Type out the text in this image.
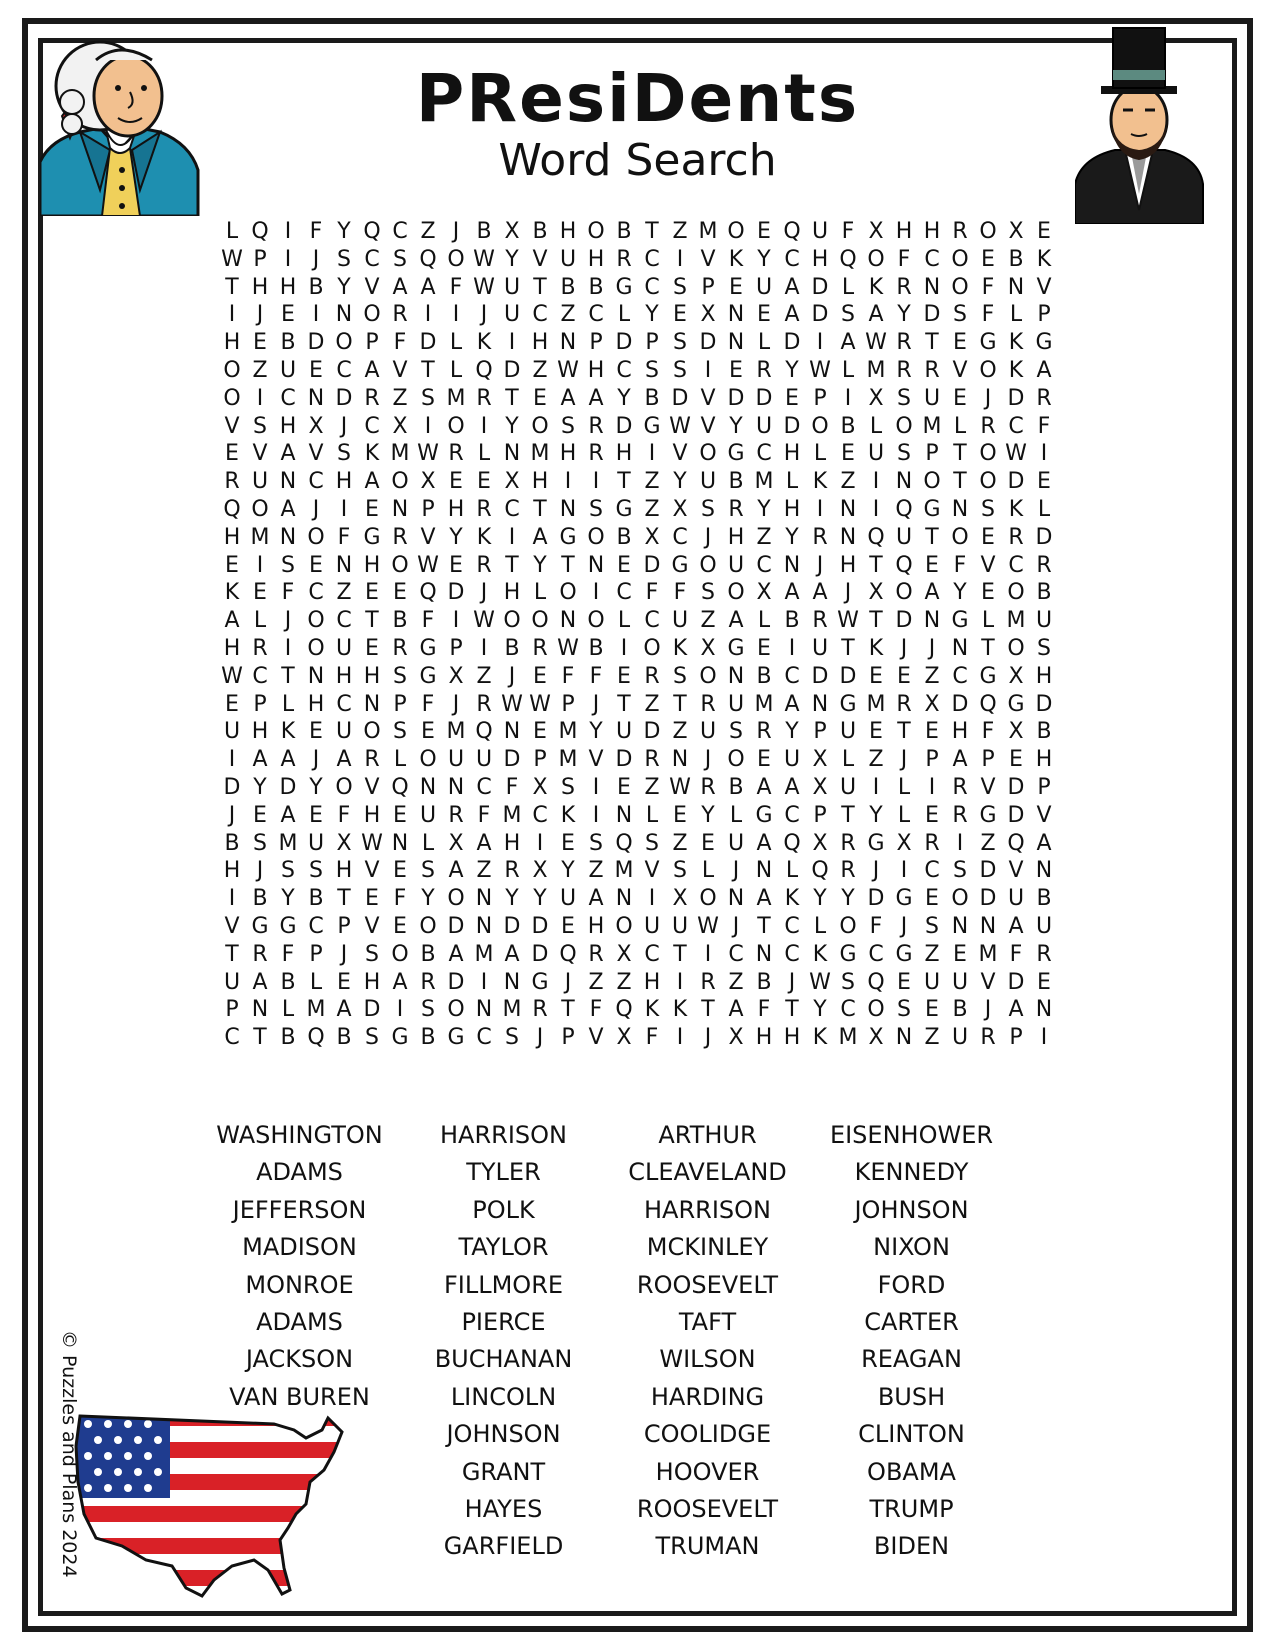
PResiDents
Word Search
L Q I F Y Q C Z J B X B H O B T Z M O E Q U F X H H R O X E
W P I J S C S Q O W Y V U H R C I V K Y C H Q O F C O E B K
T H H B Y V A A F W U T B B G C S P E U A D L K R N O F N V
I J E I N O R I I J U C Z C L Y E X N E A D S A Y D S F L P
H E B D O P F D L K I H N P D P S D N L D I A W R T E G K G
O Z U E C A V T L Q D Z W H C S S I E R Y W L M R R V O K A
O I C N D R Z S M R T E A A Y B D V D D E P I X S U E J D R
V S H X J C X I O I Y O S R D G W V Y U D O B L O M L R C F
E V A V S K M W R L N M H R H I V O G C H L E U S P T O W I
R U N C H A O X E E X H I I T Z Y U B M L K Z I N O T O D E
Q O A J I E N P H R C T N S G Z X S R Y H I N I Q G N S K L
H M N O F G R V Y K I A G O B X C J H Z Y R N Q U T O E R D
E I S E N H O W E R T Y T N E D G O U C N J H T Q E F V C R
K E F C Z E E Q D J H L O I C F F S O X A A J X O A Y E O B
A L J O C T B F I W O O N O L C U Z A L B R W T D N G L M U
H R I O U E R G P I B R W B I O K X G E I U T K J J N T O S
W C T N H H S G X Z J E F F E R S O N B C D D E E Z C G X H
E P L H C N P F J R W W P J T Z T R U M A N G M R X D Q G D
U H K E U O S E M Q N E M Y U D Z U S R Y P U E T E H F X B
I A A J A R L O U U D P M V D R N J O E U X L Z J P A P E H
D Y D Y O V Q N N C F X S I E Z W R B A A X U I L I R V D P
J E A E F H E U R F M C K I N L E Y L G C P T Y L E R G D V
B S M U X W N L X A H I E S Q S Z E U A Q X R G X R I Z Q A
H J S S H V E S A Z R X Y Z M V S L J N L Q R J I C S D V N
I B Y B T E F Y O N Y Y U A N I X O N A K Y Y D G E O D U B
V G G C P V E O D N D D E H O U U W J T C L O F J S N N A U
T R F P J S O B A M A D Q R X C T I C N C K G C G Z E M F R
U A B L E H A R D I N G J Z Z H I R Z B J W S Q E U U V D E
P N L M A D I S O N M R T F Q K K T A F T Y C O S E B J A N
C T B Q B S G B G C S J P V X F I J X H H K M X N Z U R P I
WASHINGTON
ADAMS
JEFFERSON
MADISON
MONROE
ADAMS
JACKSON
VAN BUREN
HARRISON
TYLER
POLK
TAYLOR
FILLMORE
PIERCE
BUCHANAN
LINCOLN
JOHNSON
GRANT
HAYES
GARFIELD
ARTHUR
CLEAVELAND
HARRISON
MCKINLEY
ROOSEVELT
TAFT
WILSON
HARDING
COOLIDGE
HOOVER
ROOSEVELT
TRUMAN
EISENHOWER
KENNEDY
JOHNSON
NIXON
FORD
CARTER
REAGAN
BUSH
CLINTON
OBAMA
TRUMP
BIDEN
© Puzzles and Plans 2024
